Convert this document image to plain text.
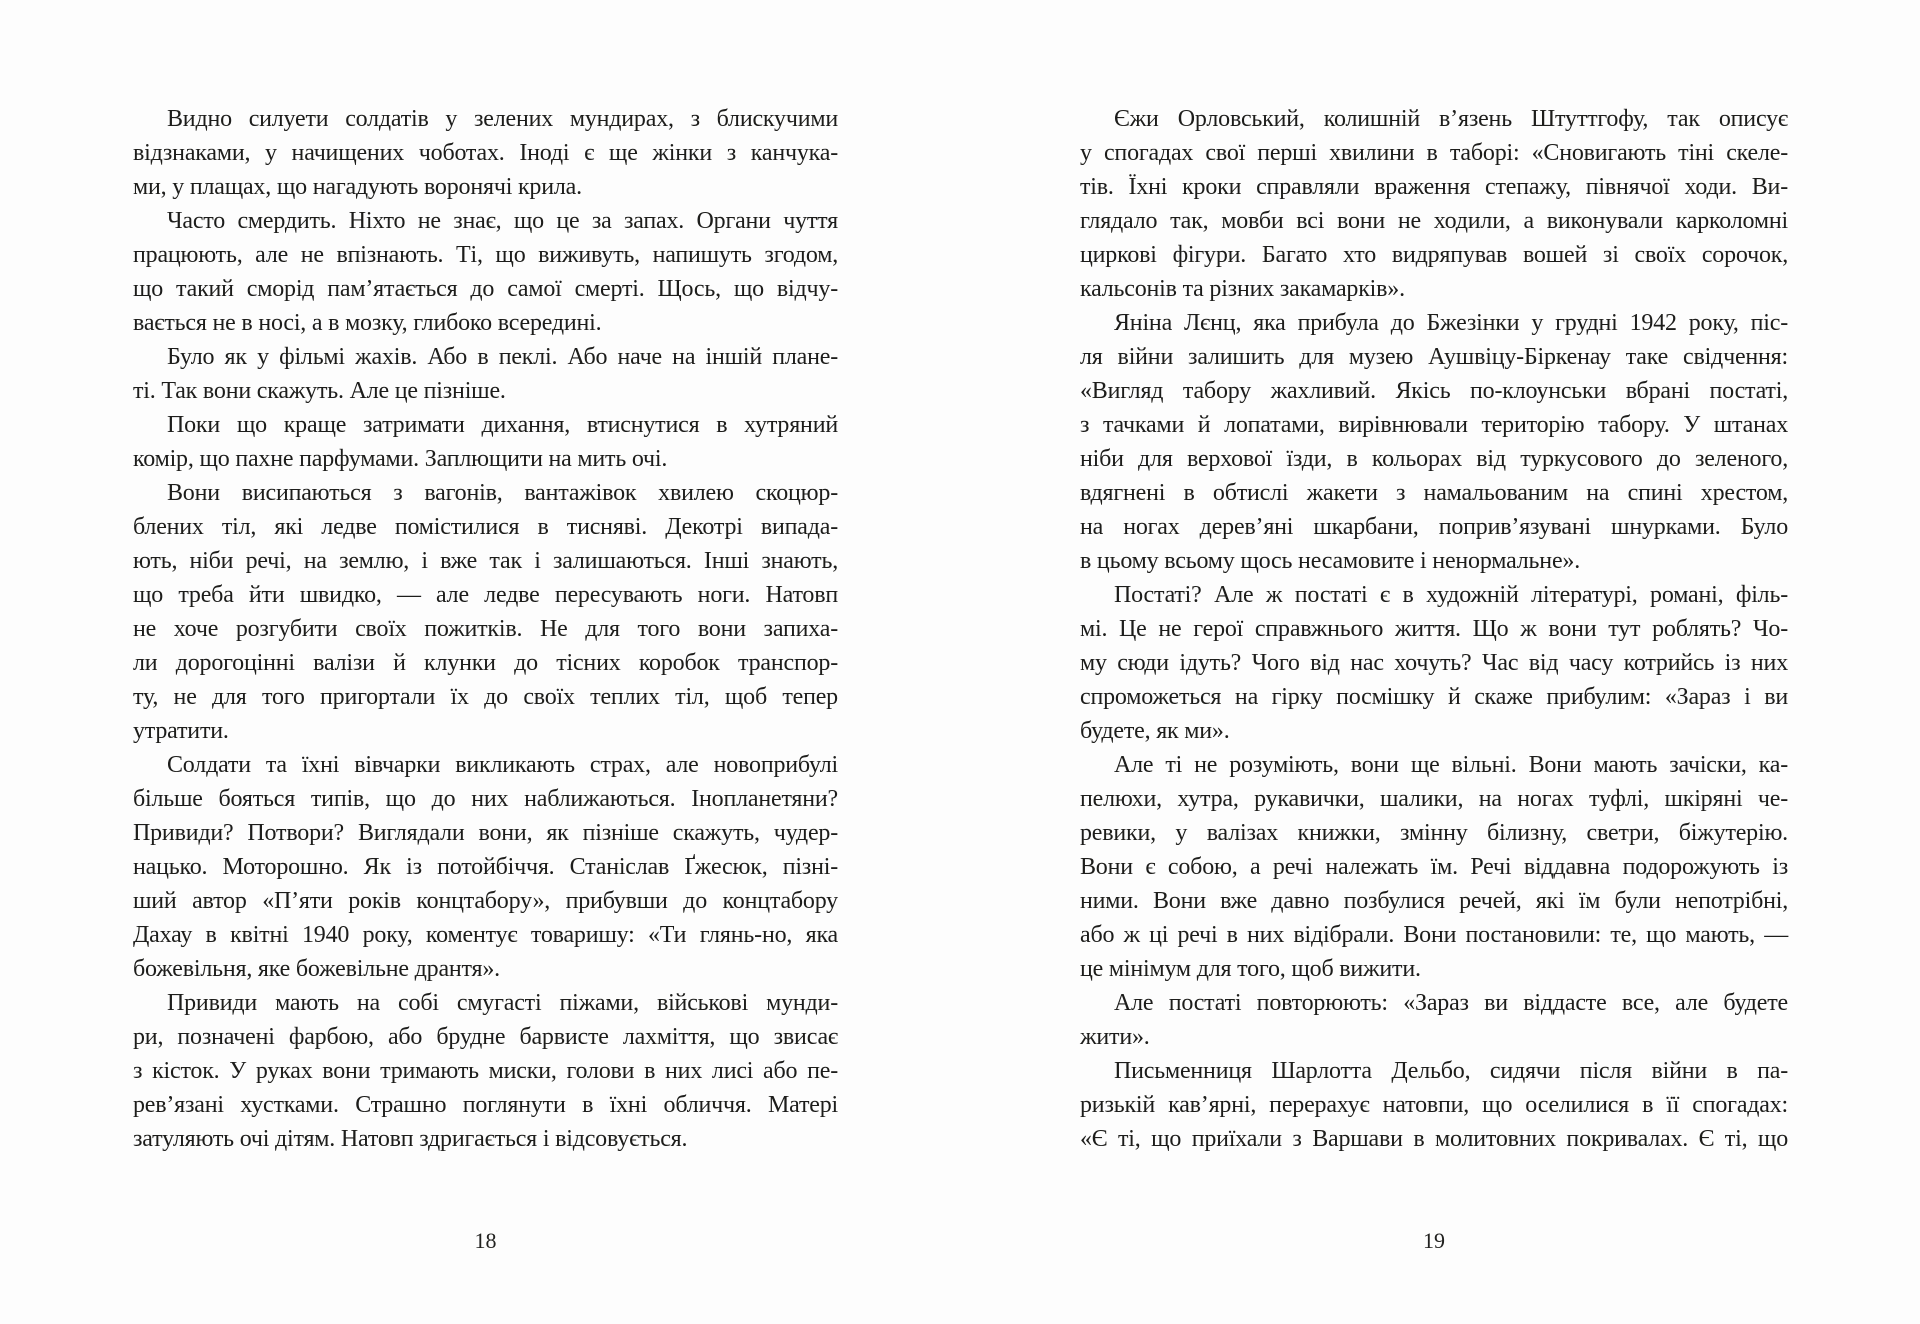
Видно силуети солдатів у зелених мундирах, з блискучими
відзнаками, у начищених чоботах. Іноді є ще жінки з канчука-
ми, у плащах, що нагадують воронячі крила.
Часто смердить. Ніхто не знає, що це за запах. Органи чуття
працюють, але не впізнають. Ті, що виживуть, напишуть згодом,
що такий сморід пам’ятається до самої смерті. Щось, що відчу-
вається не в носі, а в мозку, глибоко всередині.
Було як у фільмі жахів. Або в пеклі. Або наче на іншій плане-
ті. Так вони скажуть. Але це пізніше.
Поки що краще затримати дихання, втиснутися в хутряний
комір, що пахне парфумами. Заплющити на мить очі.
Вони висипаються з вагонів, вантажівок хвилею скоцюр-
блених тіл, які ледве помістилися в тисняві. Декотрі випада-
ють, ніби речі, на землю, і вже так і залишаються. Інші знають,
що треба йти швидко, — але ледве пересувають ноги. Натовп
не хоче розгубити своїх пожитків. Не для того вони запиха-
ли дорогоцінні валізи й клунки до тісних коробок транспор-
ту, не для того пригортали їх до своїх теплих тіл, щоб тепер
утратити.
Солдати та їхні вівчарки викликають страх, але новоприбулі
більше бояться типів, що до них наближаються. Інопланетяни?
Привиди? Потвори? Виглядали вони, як пізніше скажуть, чудер-
нацько. Моторошно. Як із потойбіччя. Станіслав Ґжесюк, пізні-
ший автор «П’яти років концтабору», прибувши до концтабору
Дахау в квітні 1940 року, коментує товаришу: «Ти глянь-но, яка
божевільня, яке божевільне дрантя».
Привиди мають на собі смугасті піжами, військові мунди-
ри, позначені фарбою, або брудне барвисте лахміття, що звисає
з кісток. У руках вони тримають миски, голови в них лисі або пе-
рев’язані хустками. Страшно поглянути в їхні обличчя. Матері
затуляють очі дітям. Натовп здригається і відсовується.
18
Єжи Орловський, колишній в’язень Штуттгофу, так описує
у спогадах свої перші хвилини в таборі: «Сновигають тіні скеле-
тів. Їхні кроки справляли враження степажу, півнячої ходи. Ви-
глядало так, мовби всі вони не ходили, а виконували карколомні
циркові фігури. Багато хто видряпував вошей зі своїх сорочок,
кальсонів та різних закамарків».
Яніна Лєнц, яка прибула до Бжезінки у грудні 1942 року, піс-
ля війни залишить для музею Аушвіцу-Біркенау таке свідчення:
«Вигляд табору жахливий. Якісь по-клоунськи вбрані постаті,
з тачками й лопатами, вирівнювали територію табору. У штанах
ніби для верхової їзди, в кольорах від туркусового до зеленого,
вдягнені в обтислі жакети з намальованим на спині хрестом,
на ногах дерев’яні шкарбани, поприв’язувані шнурками. Було
в цьому всьому щось несамовите і ненормальне».
Постаті? Але ж постаті є в художній літературі, романі, філь-
мі. Це не герої справжнього життя. Що ж вони тут роблять? Чо-
му сюди ідуть? Чого від нас хочуть? Час від часу котрийсь із них
спроможеться на гірку посмішку й скаже прибулим: «Зараз і ви
будете, як ми».
Але ті не розуміють, вони ще вільні. Вони мають зачіски, ка-
пелюхи, хутра, рукавички, шалики, на ногах туфлі, шкіряні че-
ревики, у валізах книжки, змінну білизну, светри, біжутерію.
Вони є собою, а речі належать їм. Речі віддавна подорожують із
ними. Вони вже давно позбулися речей, які їм були непотрібні,
або ж ці речі в них відібрали. Вони постановили: те, що мають, —
це мінімум для того, щоб вижити.
Але постаті повторюють: «Зараз ви віддасте все, але будете
жити».
Письменниця Шарлотта Дельбо, сидячи після війни в па-
ризькій кав’ярні, перерахує натовпи, що оселилися в її спогадах:
«Є ті, що приїхали з Варшави в молитовних покривалах. Є ті, що
19
